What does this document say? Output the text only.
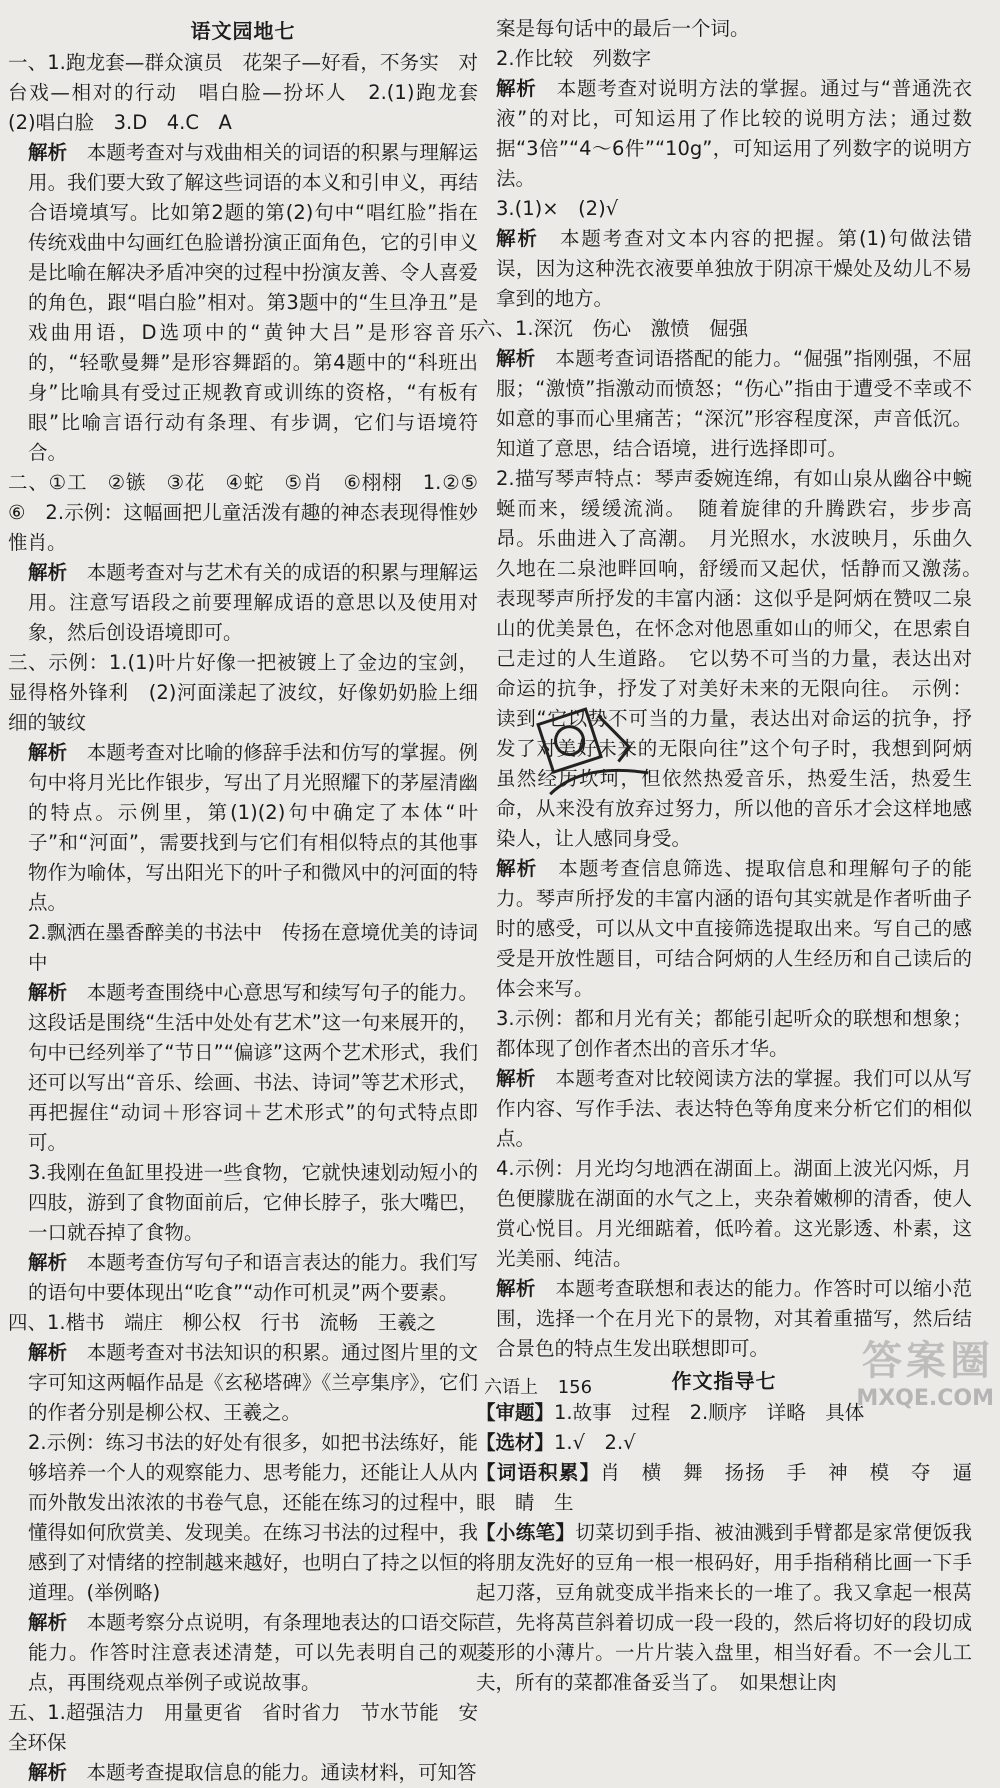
语文园地七
一、1.跑龙套—群众演员　花架子—好看，不务实　对台戏—相对的行动　唱白脸—扮坏人　2.(1)跑龙套　(2)唱白脸　3.D　4.C　A
解析　本题考查对与戏曲相关的词语的积累与理解运用。我们要大致了解这些词语的本义和引申义，再结合语境填写。比如第2题的第(2)句中“唱红脸”指在传统戏曲中勾画红色脸谱扮演正面角色，它的引申义是比喻在解决矛盾冲突的过程中扮演友善、令人喜爱的角色，跟“唱白脸”相对。第3题中的“生旦净丑”是戏曲用语，D选项中的“黄钟大吕”是形容音乐的，“轻歌曼舞”是形容舞蹈的。第4题中的“科班出身”比喻具有受过正规教育或训练的资格，“有板有眼”比喻言语行动有条理、有步调，它们与语境符合。
二、①工　②镞　③花　④蛇　⑤肖　⑥栩栩　1.②⑤　⑥　2.示例：这幅画把儿童活泼有趣的神态表现得惟妙惟肖。
解析　本题考查对与艺术有关的成语的积累与理解运用。注意写语段之前要理解成语的意思以及使用对象，然后创设语境即可。
三、示例：1.(1)叶片好像一把被镀上了金边的宝剑，显得格外锋利　(2)河面漾起了波纹，好像奶奶脸上细细的皱纹
解析　本题考查对比喻的修辞手法和仿写的掌握。例句中将月光比作银步，写出了月光照耀下的茅屋清幽的特点。示例里，第(1)(2)句中确定了本体“叶子”和“河面”，需要找到与它们有相似特点的其他事物作为喻体，写出阳光下的叶子和微风中的河面的特点。
2.飘洒在墨香醉美的书法中　传扬在意境优美的诗词中
解析　本题考查围绕中心意思写和续写句子的能力。这段话是围绕“生活中处处有艺术”这一句来展开的，句中已经列举了“节日”“偏谚”这两个艺术形式，我们还可以写出“音乐、绘画、书法、诗词”等艺术形式，再把握住“动词＋形容词＋艺术形式”的句式特点即可。
3.我刚在鱼缸里投进一些食物，它就快速划动短小的四肢，游到了食物面前后，它伸长脖子，张大嘴巴，一口就吞掉了食物。
解析　本题考查仿写句子和语言表达的能力。我们写的语句中要体现出“吃食”“动作可机灵”两个要素。
四、1.楷书　端庄　柳公权　行书　流畅　王羲之
解析　本题考查对书法知识的积累。通过图片里的文字可知这两幅作品是《玄秘塔碑》《兰亭集序》，它们的作者分别是柳公权、王羲之。
2.示例：练习书法的好处有很多，如把书法练好，能够培养一个人的观察能力、思考能力，还能让人从内而外散发出浓浓的书卷气息，还能在练习的过程中，懂得如何欣赏美、发现美。在练习书法的过程中，我感到了对情绪的控制越来越好，也明白了持之以恒的道理。(举例略)
解析　本题考察分点说明，有条理地表达的口语交际能力。作答时注意表述清楚，可以先表明自己的观点，再围绕观点举例子或说故事。
五、1.超强洁力　用量更省　省时省力　节水节能　安全环保
解析　本题考查提取信息的能力。通读材料，可知答
案是每句话中的最后一个词。
2.作比较　列数字
解析　本题考查对说明方法的掌握。通过与“普通洗衣液”的对比，可知运用了作比较的说明方法；通过数据“3倍”“4～6件”“10g”，可知运用了列数字的说明方法。
3.(1)×　(2)√
解析　本题考查对文本内容的把握。第(1)句做法错误，因为这种洗衣液要单独放于阴凉干燥处及幼儿不易拿到的地方。
六、1.深沉　伤心　激愤　倔强
解析　本题考查词语搭配的能力。“倔强”指刚强，不屈服；“激愤”指激动而愤怒；“伤心”指由于遭受不幸或不如意的事而心里痛苦；“深沉”形容程度深，声音低沉。知道了意思，结合语境，进行选择即可。
2.描写琴声特点：琴声委婉连绵，有如山泉从幽谷中蜿蜒而来，缓缓流淌。　随着旋律的升腾跌宕，步步高昂。乐曲进入了高潮。　月光照水，水波映月，乐曲久久地在二泉池畔回响，舒缓而又起伏，恬静而又激荡。　表现琴声所抒发的丰富内涵：这似乎是阿炳在赞叹二泉山的优美景色，在怀念对他恩重如山的师父，在思索自己走过的人生道路。　它以势不可当的力量，表达出对命运的抗争，抒发了对美好未来的无限向往。　示例：读到“它以势不可当的力量，表达出对命运的抗争，抒发了对美好未来的无限向往”这个句子时，我想到阿炳虽然经历坎坷，但依然热爱音乐，热爱生活，热爱生命，从来没有放弃过努力，所以他的音乐才会这样地感染人，让人感同身受。
解析　本题考查信息筛选、提取信息和理解句子的能力。琴声所抒发的丰富内涵的语句其实就是作者听曲子时的感受，可以从文中直接筛选提取出来。写自己的感受是开放性题目，可结合阿炳的人生经历和自己读后的体会来写。
3.示例：都和月光有关；都能引起听众的联想和想象；都体现了创作者杰出的音乐才华。
解析　本题考查对比较阅读方法的掌握。我们可以从写作内容、写作手法、表达特色等角度来分析它们的相似点。
4.示例：月光均匀地洒在湖面上。湖面上波光闪烁，月色便朦胧在湖面的水气之上，夹杂着嫩柳的清香，使人赏心悦目。月光细踮着，低吟着。这光影透、朴素，这光美丽、纯洁。
解析　本题考查联想和表达的能力。作答时可以缩小范围，选择一个在月光下的景物，对其着重描写，然后结合景色的特点生发出联想即可。
作文指导七
【审题】1.故事　过程　2.顺序　详略　具体
【选材】1.√　2.√
【词语积累】肖　横　舞　扬扬　手　神　模　夺　逼　眼　睛　生
【小练笔】切菜切到手指、被油溅到手臂都是家常便饭我将朋友洗好的豆角一根一根码好，用手指稍稍比画一下手起刀落，豆角就变成半指来长的一堆了。我又拿起一根莴苣，先将莴苣斜着切成一段一段的，然后将切好的段切成菱形的小薄片。一片片装入盘里，相当好看。不一会儿工夫，所有的菜都准备妥当了。　如果想让肉
六语上 156
答案圈
MXQE.COM
